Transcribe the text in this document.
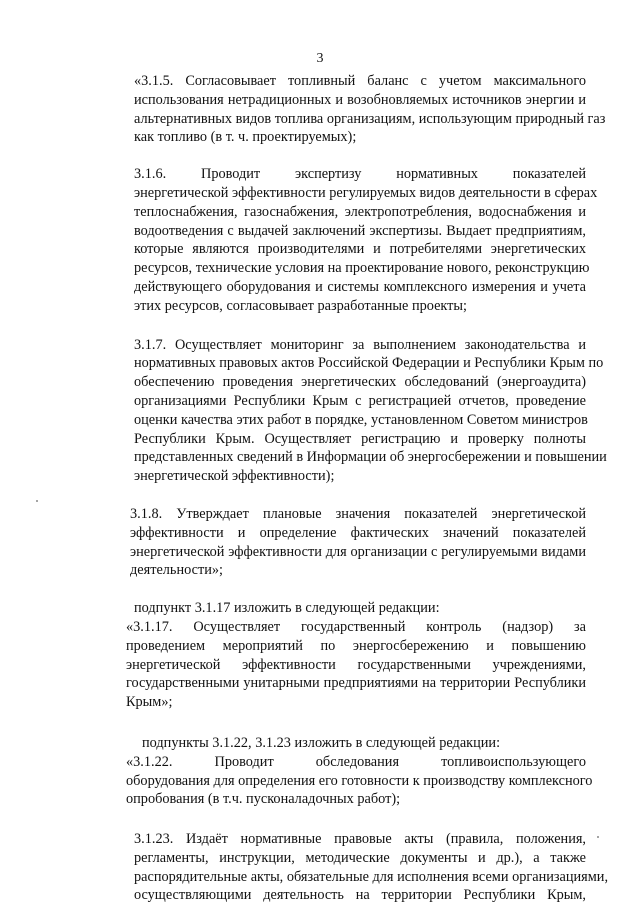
3

«3.1.5. Согласовывает топливный баланс с учетом максимального
использования нетрадиционных и возобновляемых источников энергии и
альтернативных видов топлива организациям, использующим природный газ
как топливо (в т. ч. проектируемых);

3.1.6. Проводит экспертизу нормативных показателей
энергетической эффективности регулируемых видов деятельности в сферах
теплоснабжения, газоснабжения, электропотребления, водоснабжения и
водоотведения с выдачей заключений экспертизы. Выдает предприятиям,
которые являются производителями и потребителями энергетических
ресурсов, технические условия на проектирование нового, реконструкцию
действующего оборудования и системы комплексного измерения и учета
этих ресурсов, согласовывает разработанные проекты;

3.1.7. Осуществляет мониторинг за выполнением законодательства и
нормативных правовых актов Российской Федерации и Республики Крым по
обеспечению проведения энергетических обследований (энергоаудита)
организациями Республики Крым с регистрацией отчетов, проведение
оценки качества этих работ в порядке, установленном Советом министров
Республики Крым. Осуществляет регистрацию и проверку полноты
представленных сведений в Информации об энергосбережении и повышении
энергетической эффективности);

3.1.8. Утверждает плановые значения показателей энергетической
эффективности и определение фактических значений показателей
энергетической эффективности для организации с регулируемыми видами
деятельности»;

подпункт 3.1.17 изложить в следующей редакции:

«3.1.17. Осуществляет государственный контроль (надзор) за
проведением мероприятий по энергосбережению и повышению
энергетической эффективности государственными учреждениями,
государственными унитарными предприятиями на территории Республики
Крым»;

подпункты 3.1.22, 3.1.23 изложить в следующей редакции:

«3.1.22. Проводит обследования топливоиспользующего
оборудования для определения его готовности к производству комплексного
опробования (в т.ч. пусконаладочных работ);

3.1.23. Издаёт нормативные правовые акты (правила, положения,
регламенты, инструкции, методические документы и др.), а также
распорядительные акты, обязательные для исполнения всеми организациями,
осуществляющими деятельность на территории Республики Крым,
